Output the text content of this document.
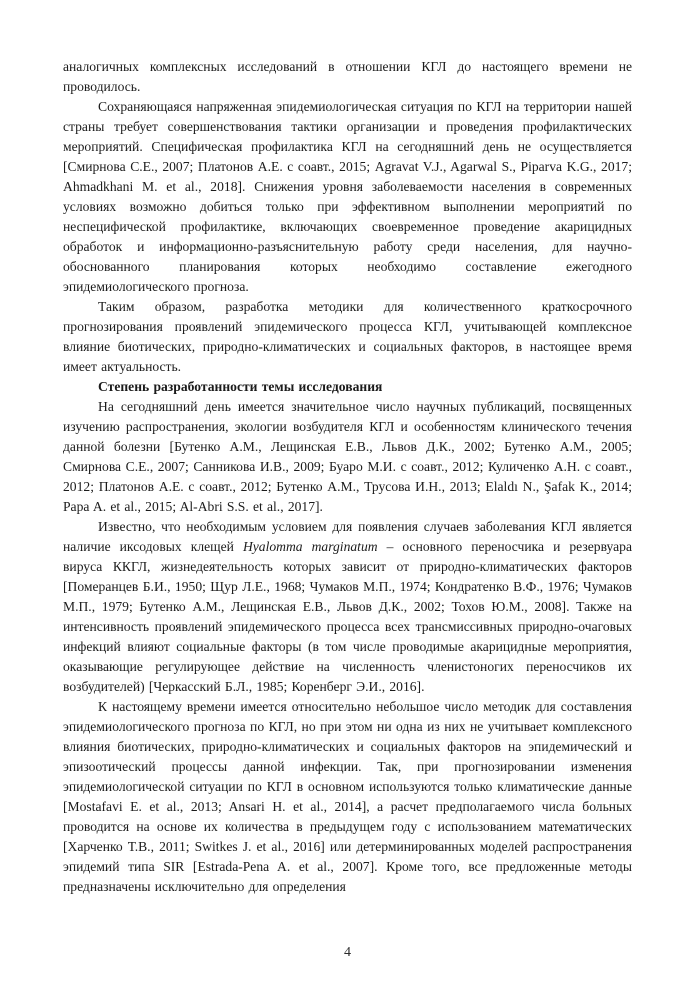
аналогичных комплексных исследований в отношении КГЛ до настоящего времени не проводилось.

Сохраняющаяся напряженная эпидемиологическая ситуация по КГЛ на территории нашей страны требует совершенствования тактики организации и проведения профилактических мероприятий. Специфическая профилактика КГЛ на сегодняшний день не осуществляется [Смирнова С.Е., 2007; Платонов А.Е. с соавт., 2015; Agravat V.J., Agarwal S., Piparva K.G., 2017; Ahmadkhani M. et al., 2018]. Снижения уровня заболеваемости населения в современных условиях возможно добиться только при эффективном выполнении мероприятий по неспецифической профилактике, включающих своевременное проведение акарицидных обработок и информационно-разъяснительную работу среди населения, для научно-обоснованного планирования которых необходимо составление ежегодного эпидемиологического прогноза.

Таким образом, разработка методики для количественного краткосрочного прогнозирования проявлений эпидемического процесса КГЛ, учитывающей комплексное влияние биотических, природно-климатических и социальных факторов, в настоящее время имеет актуальность.

Степень разработанности темы исследования

На сегодняшний день имеется значительное число научных публикаций, посвященных изучению распространения, экологии возбудителя КГЛ и особенностям клинического течения данной болезни [Бутенко А.М., Лещинская Е.В., Львов Д.К., 2002; Бутенко А.М., 2005; Смирнова С.Е., 2007; Санникова И.В., 2009; Буаро М.И. с соавт., 2012; Куличенко А.Н. с соавт., 2012; Платонов А.Е. с соавт., 2012; Бутенко А.М., Трусова И.Н., 2013; Elaldı N., Şafak K., 2014; Papa A. et al., 2015; Al-Abri S.S. et al., 2017].

Известно, что необходимым условием для появления случаев заболевания КГЛ является наличие иксодовых клещей Hyalomma marginatum – основного переносчика и резервуара вируса ККГЛ, жизнедеятельность которых зависит от природно-климатических факторов [Померанцев Б.И., 1950; Щур Л.Е., 1968; Чумаков М.П., 1974; Кондратенко В.Ф., 1976; Чумаков М.П., 1979; Бутенко А.М., Лещинская Е.В., Львов Д.К., 2002; Тохов Ю.М., 2008]. Также на интенсивность проявлений эпидемического процесса всех трансмиссивных природно-очаговых инфекций влияют социальные факторы (в том числе проводимые акарицидные мероприятия, оказывающие регулирующее действие на численность членистоногих переносчиков их возбудителей) [Черкасский Б.Л., 1985; Коренберг Э.И., 2016].

К настоящему времени имеется относительно небольшое число методик для составления эпидемиологического прогноза по КГЛ, но при этом ни одна из них не учитывает комплексного влияния биотических, природно-климатических и социальных факторов на эпидемический и эпизоотический процессы данной инфекции. Так, при прогнозировании изменения эпидемиологической ситуации по КГЛ в основном используются только климатические данные [Mostafavi E. et al., 2013; Ansari H. et al., 2014], а расчет предполагаемого числа больных проводится на основе их количества в предыдущем году с использованием математических [Харченко Т.В., 2011; Switkes J. et al., 2016] или детерминированных моделей распространения эпидемий типа SIR [Estrada-Pena A. et al., 2007]. Кроме того, все предложенные методы предназначены исключительно для определения

4
